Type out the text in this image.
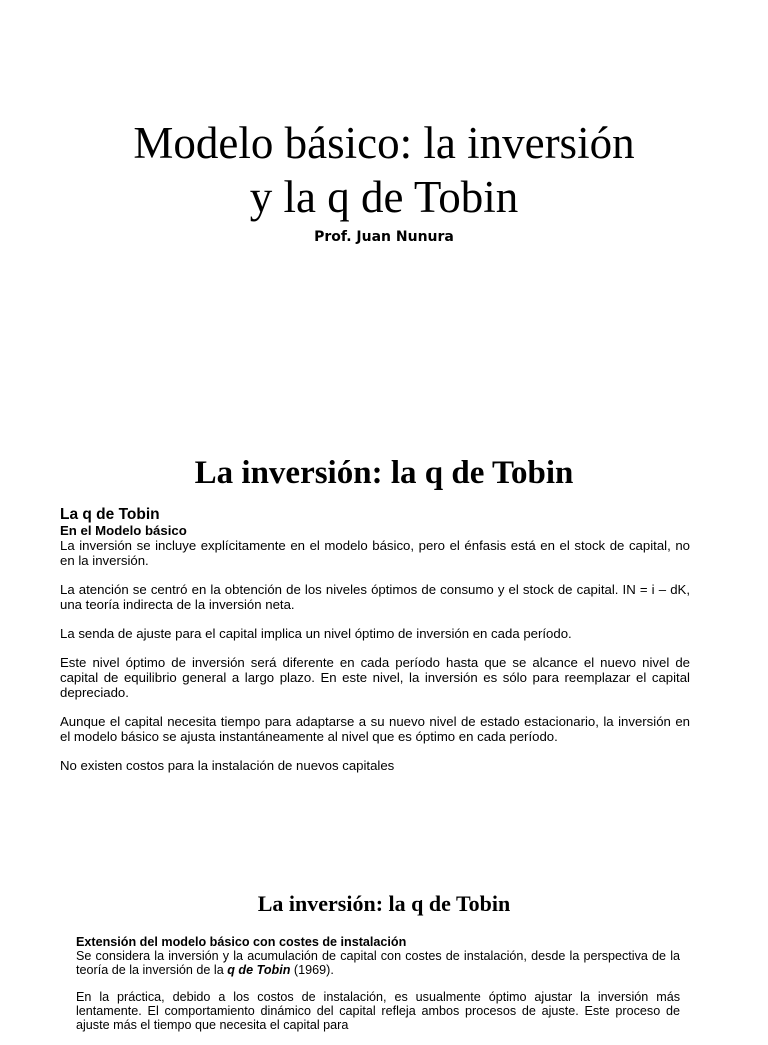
Modelo básico: la inversión
y la q de Tobin
Prof. Juan Nunura
La inversión: la q de Tobin
La q de Tobin
En el Modelo básico

La inversión se incluye explícitamente en el modelo básico, pero el énfasis está en el stock de capital, no en la inversión.

La atención se centró en la obtención de los niveles óptimos de consumo y el stock de capital. IN = i – dK, una teoría indirecta de la inversión neta.

La senda de ajuste para el capital implica un nivel óptimo de inversión en cada período.

Este nivel óptimo de inversión será diferente en cada período hasta que se alcance el nuevo nivel de capital de equilibrio general a largo plazo. En este nivel, la inversión es sólo para reemplazar el capital depreciado.

Aunque el capital necesita tiempo para adaptarse a su nuevo nivel de estado estacionario, la inversión en el modelo básico se ajusta instantáneamente al nivel que es óptimo en cada período.

No existen costos para la instalación de nuevos capitales

La inversión: la q de Tobin
Extensión del modelo básico con costes de instalación

Se considera la inversión y la acumulación de capital con costes de instalación, desde la perspectiva de la teoría de la inversión de la q de Tobin (1969).

En la práctica, debido a los costos de instalación, es usualmente óptimo ajustar la inversión más lentamente. El comportamiento dinámico del capital refleja ambos procesos de ajuste. Este proceso de ajuste más el tiempo que necesita el capital para
